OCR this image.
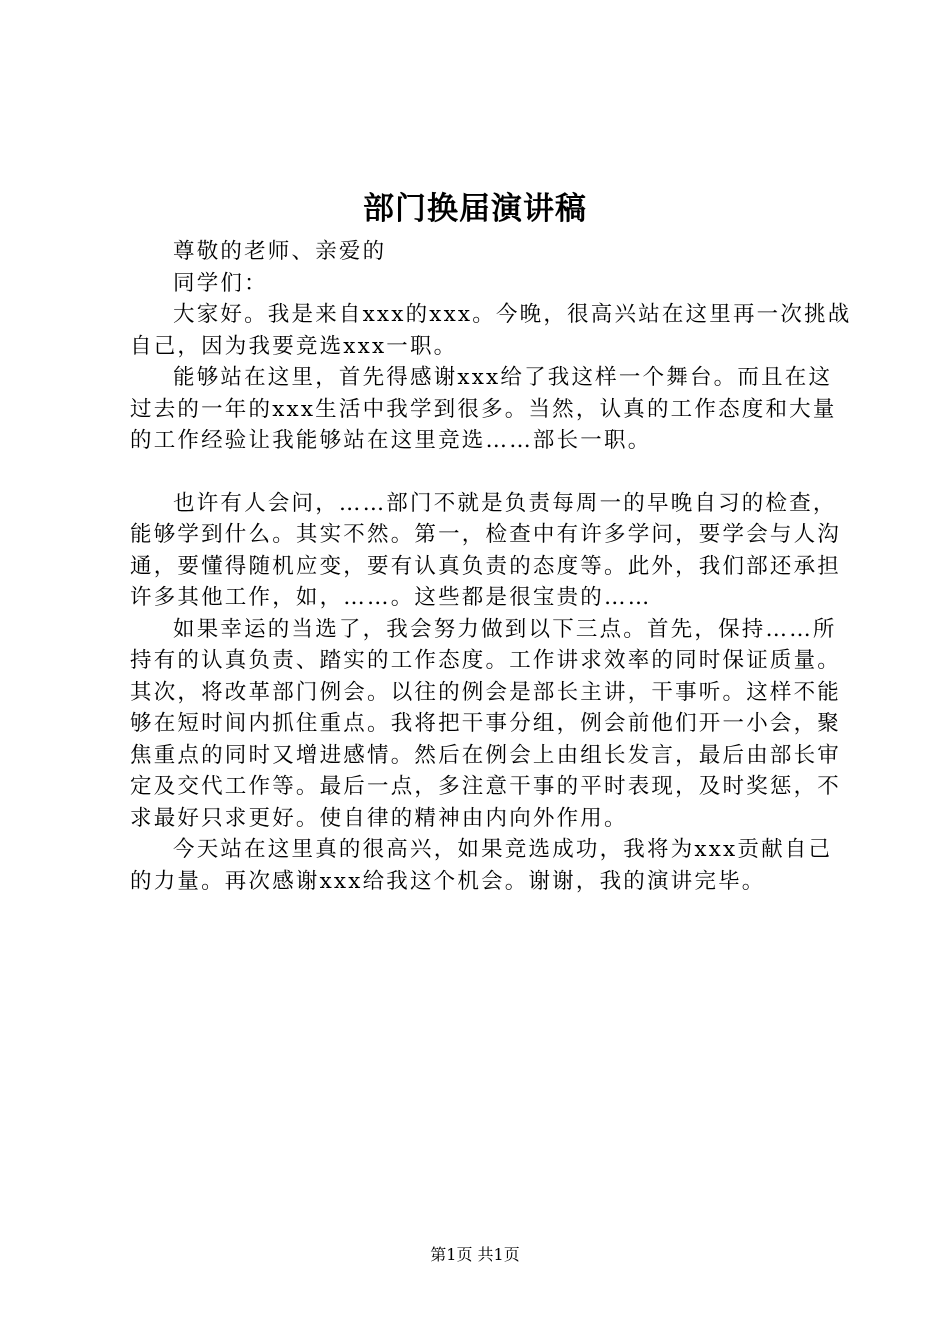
部门换届演讲稿

尊敬的老师、亲爱的

同学们：

大家好。我是来自xxx的xxx。今晚，很高兴站在这里再一次挑战自己，因为我要竞选xxx一职。

能够站在这里，首先得感谢xxx给了我这样一个舞台。而且在这过去的一年的xxx生活中我学到很多。当然，认真的工作态度和大量的工作经验让我能够站在这里竞选……部长一职。

也许有人会问，……部门不就是负责每周一的早晚自习的检查，能够学到什么。其实不然。第一，检查中有许多学问，要学会与人沟通，要懂得随机应变，要有认真负责的态度等。此外，我们部还承担许多其他工作，如，……。这些都是很宝贵的……

如果幸运的当选了，我会努力做到以下三点。首先，保持……所持有的认真负责、踏实的工作态度。工作讲求效率的同时保证质量。其次，将改革部门例会。以往的例会是部长主讲，干事听。这样不能够在短时间内抓住重点。我将把干事分组，例会前他们开一小会，聚焦重点的同时又增进感情。然后在例会上由组长发言，最后由部长审定及交代工作等。最后一点，多注意干事的平时表现，及时奖惩，不求最好只求更好。使自律的精神由内向外作用。

今天站在这里真的很高兴，如果竞选成功，我将为xxx贡献自己的力量。再次感谢xxx给我这个机会。谢谢，我的演讲完毕。

第1页 共1页
